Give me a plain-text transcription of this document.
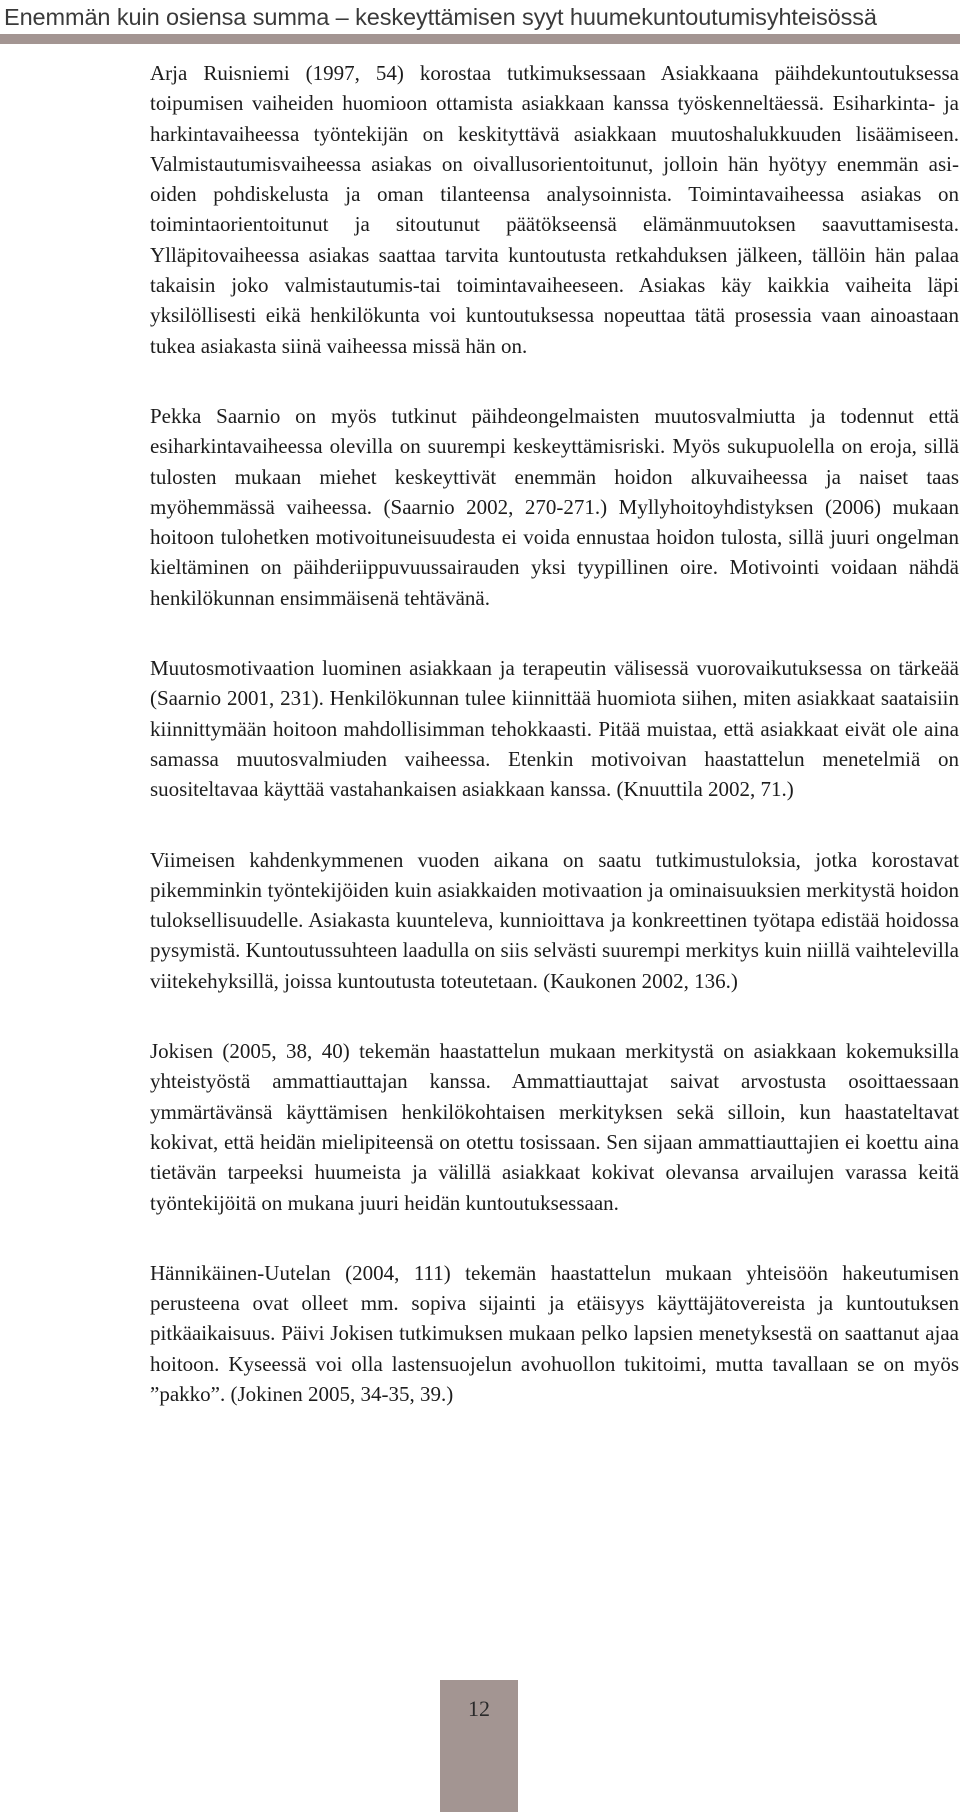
Enemmän kuin osiensa summa – keskeyttämisen syyt huumekuntoutumisyhteisössä

Arja Ruisniemi (1997, 54) korostaa tutkimuksessaan Asiakkaana päihdekuntoutuksessa toipumisen vaiheiden huomioon ottamista asiakkaan kanssa työskenneltäessä. Esiharkinta- ja harkintavaiheessa työntekijän on keskityttävä asiakkaan muutoshalukkuuden lisäämiseen. Valmistautumisvaiheessa asiakas on oivallusorientoitunut, jolloin hän hyötyy enemmän asioiden pohdiskelusta ja oman tilanteensa analysoinnista. Toimintavaiheessa asiakas on toimintaorientoitunut ja sitoutunut päätökseensä elämänmuutoksen saavuttamisesta. Ylläpitovaiheessa asiakas saattaa tarvita kuntoutusta retkahduksen jälkeen, tällöin hän palaa takaisin joko valmistautumis-tai toimintavaiheeseen. Asiakas käy kaikkia vaiheita läpi yksilöllisesti eikä henkilökunta voi kuntoutuksessa nopeuttaa tätä prosessia vaan ainoastaan tukea asiakasta siinä vaiheessa missä hän on.

Pekka Saarnio on myös tutkinut päihdeongelmaisten muutosvalmiutta ja todennut että esiharkintavaiheessa olevilla on suurempi keskeyttämisriski. Myös sukupuolella on eroja, sillä tulosten mukaan miehet keskeyttivät enemmän hoidon alkuvaiheessa ja naiset taas myöhemmässä vaiheessa. (Saarnio 2002, 270-271.) Myllyhoitoyhdistyksen (2006) mukaan hoitoon tulohetken motivoituneisuudesta ei voida ennustaa hoidon tulosta, sillä juuri ongelman kieltäminen on päihderiippuvuussairauden yksi tyypillinen oire. Motivointi voidaan nähdä henkilökunnan ensimmäisenä tehtävänä.

Muutosmotivaation luominen asiakkaan ja terapeutin välisessä vuorovaikutuksessa on tärkeää (Saarnio 2001, 231). Henkilökunnan tulee kiinnittää huomiota siihen, miten asiakkaat saataisiin kiinnittymään hoitoon mahdollisimman tehokkaasti. Pitää muistaa, että asiakkaat eivät ole aina samassa muutosvalmiuden vaiheessa. Etenkin motivoivan haastattelun menetelmiä on suositeltavaa käyttää vastahankaisen asiakkaan kanssa. (Knuuttila 2002, 71.)

Viimeisen kahdenkymmenen vuoden aikana on saatu tutkimustuloksia, jotka korostavat pikemminkin työntekijöiden kuin asiakkaiden motivaation ja ominaisuuksien merkitystä hoidon tuloksellisuudelle. Asiakasta kuunteleva, kunnioittava ja konkreettinen työtapa edistää hoidossa pysymistä. Kuntoutussuhteen laadulla on siis selvästi suurempi merkitys kuin niillä vaihtelevilla viitekehyksillä, joissa kuntoutusta toteutetaan. (Kaukonen 2002, 136.)

Jokisen (2005, 38, 40) tekemän haastattelun mukaan merkitystä on asiakkaan kokemuksilla yhteistyöstä ammattiauttajan kanssa. Ammattiauttajat saivat arvostusta osoittaessaan ymmärtävänsä käyttämisen henkilökohtaisen merkityksen sekä silloin, kun haastateltavat kokivat, että heidän mielipiteensä on otettu tosissaan. Sen sijaan ammattiauttajien ei koettu aina tietävän tarpeeksi huumeista ja välillä asiakkaat kokivat olevansa arvailujen varassa keitä työntekijöitä on mukana juuri heidän kuntoutuksessaan.

Hännikäinen-Uutelan (2004, 111) tekemän haastattelun mukaan yhteisöön hakeutumisen perusteena ovat olleet mm. sopiva sijainti ja etäisyys käyttäjätovereista ja kuntoutuksen pitkäaikaisuus. Päivi Jokisen tutkimuksen mukaan pelko lapsien menetyksestä on saattanut ajaa hoitoon. Kyseessä voi olla lastensuojelun avohuollon tukitoimi, mutta tavallaan se on myös ”pakko”. (Jokinen 2005, 34-35, 39.)

12
